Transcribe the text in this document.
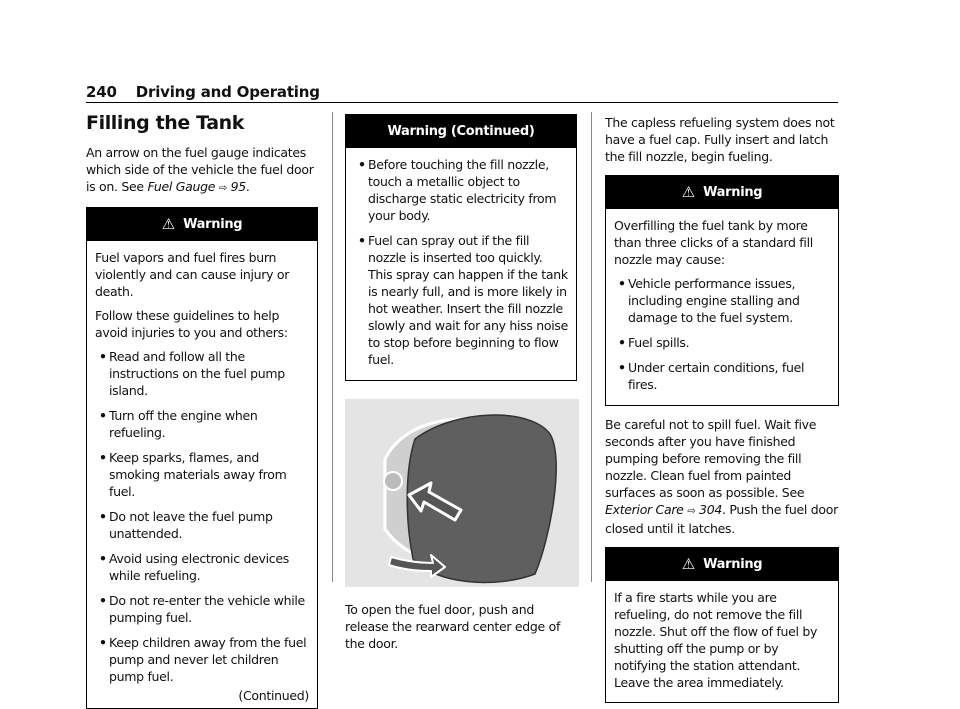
240 Driving and Operating
Filling the Tank

An arrow on the fuel gauge indicates which side of the vehicle the fuel door is on. See Fuel Gauge ⇨ 95.

⚠ Warning

Fuel vapors and fuel fires burn violently and can cause injury or death.

Follow these guidelines to help avoid injuries to you and others:

• Read and follow all the instructions on the fuel pump island.
• Turn off the engine when refueling.
• Keep sparks, flames, and smoking materials away from fuel.
• Do not leave the fuel pump unattended.
• Avoid using electronic devices while refueling.
• Do not re-enter the vehicle while pumping fuel.
• Keep children away from the fuel pump and never let children pump fuel.
(Continued)
Warning (Continued)
• Before touching the fill nozzle, touch a metallic object to discharge static electricity from your body.
• Fuel can spray out if the fill nozzle is inserted too quickly. This spray can happen if the tank is nearly full, and is more likely in hot weather. Insert the fill nozzle slowly and wait for any hiss noise to stop before beginning to flow fuel.

To open the fuel door, push and release the rearward center edge of the door.

The capless refueling system does not have a fuel cap. Fully insert and latch the fill nozzle, begin fueling.

⚠ Warning

Overfilling the fuel tank by more than three clicks of a standard fill nozzle may cause:

• Vehicle performance issues, including engine stalling and damage to the fuel system.
• Fuel spills.
• Under certain conditions, fuel fires.

Be careful not to spill fuel. Wait five seconds after you have finished pumping before removing the fill nozzle. Clean fuel from painted surfaces as soon as possible. See Exterior Care ⇨ 304. Push the fuel door closed until it latches.

⚠ Warning

If a fire starts while you are refueling, do not remove the fill nozzle. Shut off the flow of fuel by shutting off the pump or by notifying the station attendant. Leave the area immediately.
